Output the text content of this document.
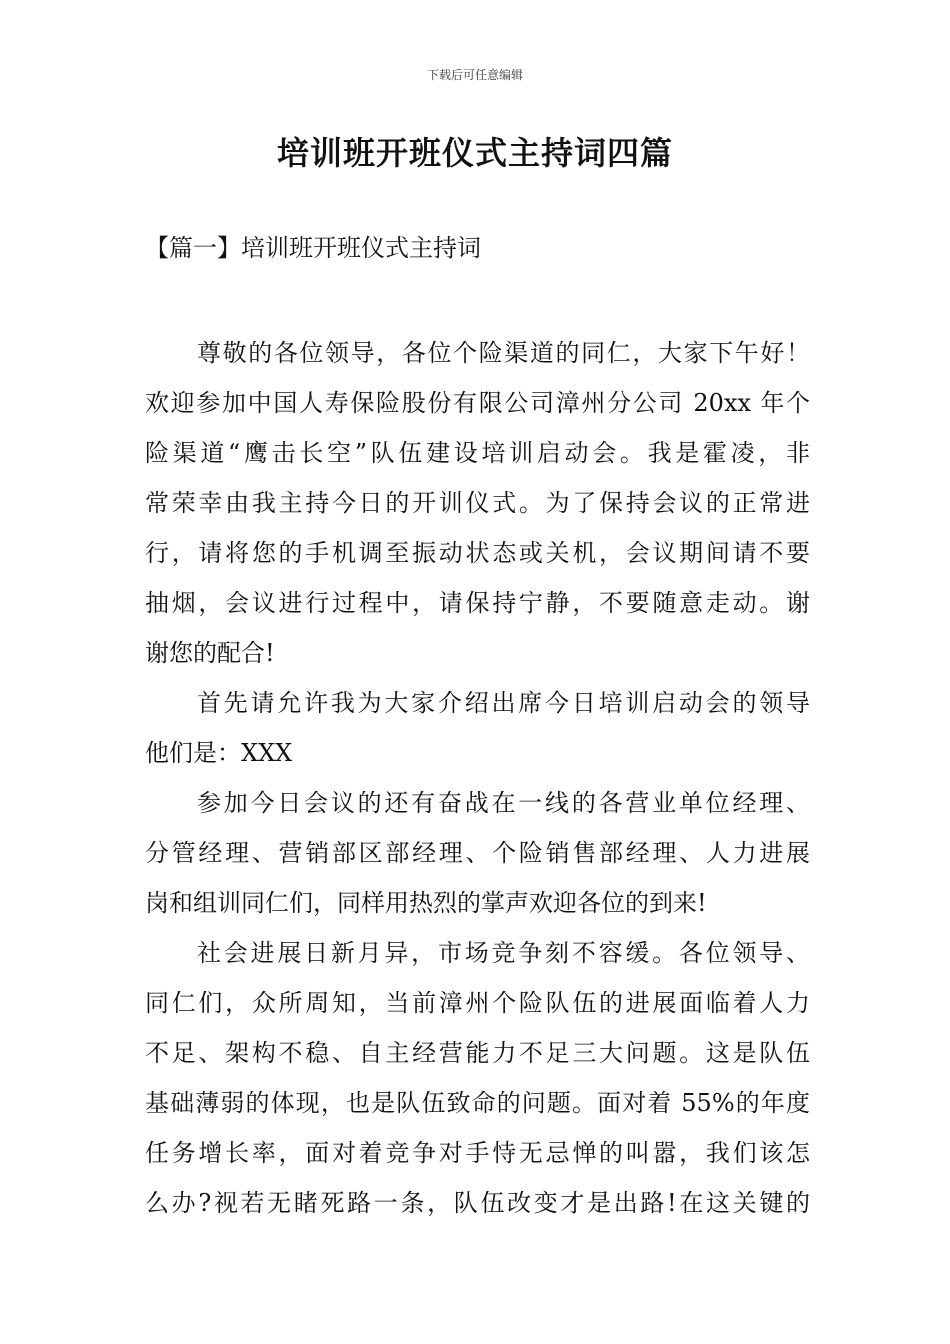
下载后可任意编辑
培训班开班仪式主持词四篇
【篇一】培训班开班仪式主持词
尊敬的各位领导，各位个险渠道的同仁，大家下午好！
欢迎参加中国人寿保险股份有限公司漳州分公司 20xx 年个
险渠道“鹰击长空”队伍建设培训启动会。我是霍凌，非
常荣幸由我主持今日的开训仪式。为了保持会议的正常进
行，请将您的手机调至振动状态或关机，会议期间请不要
抽烟，会议进行过程中，请保持宁静，不要随意走动。谢
谢您的配合!
首先请允许我为大家介绍出席今日培训启动会的领导
他们是：XXX
参加今日会议的还有奋战在一线的各营业单位经理、
分管经理、营销部区部经理、个险销售部经理、人力进展
岗和组训同仁们，同样用热烈的掌声欢迎各位的到来!
社会进展日新月异，市场竞争刻不容缓。各位领导、
同仁们，众所周知，当前漳州个险队伍的进展面临着人力
不足、架构不稳、自主经营能力不足三大问题。这是队伍
基础薄弱的体现，也是队伍致命的问题。面对着 55%的年度
任务增长率，面对着竞争对手恃无忌惮的叫嚣，我们该怎
么办?视若无睹死路一条，队伍改变才是出路!在这关键的
